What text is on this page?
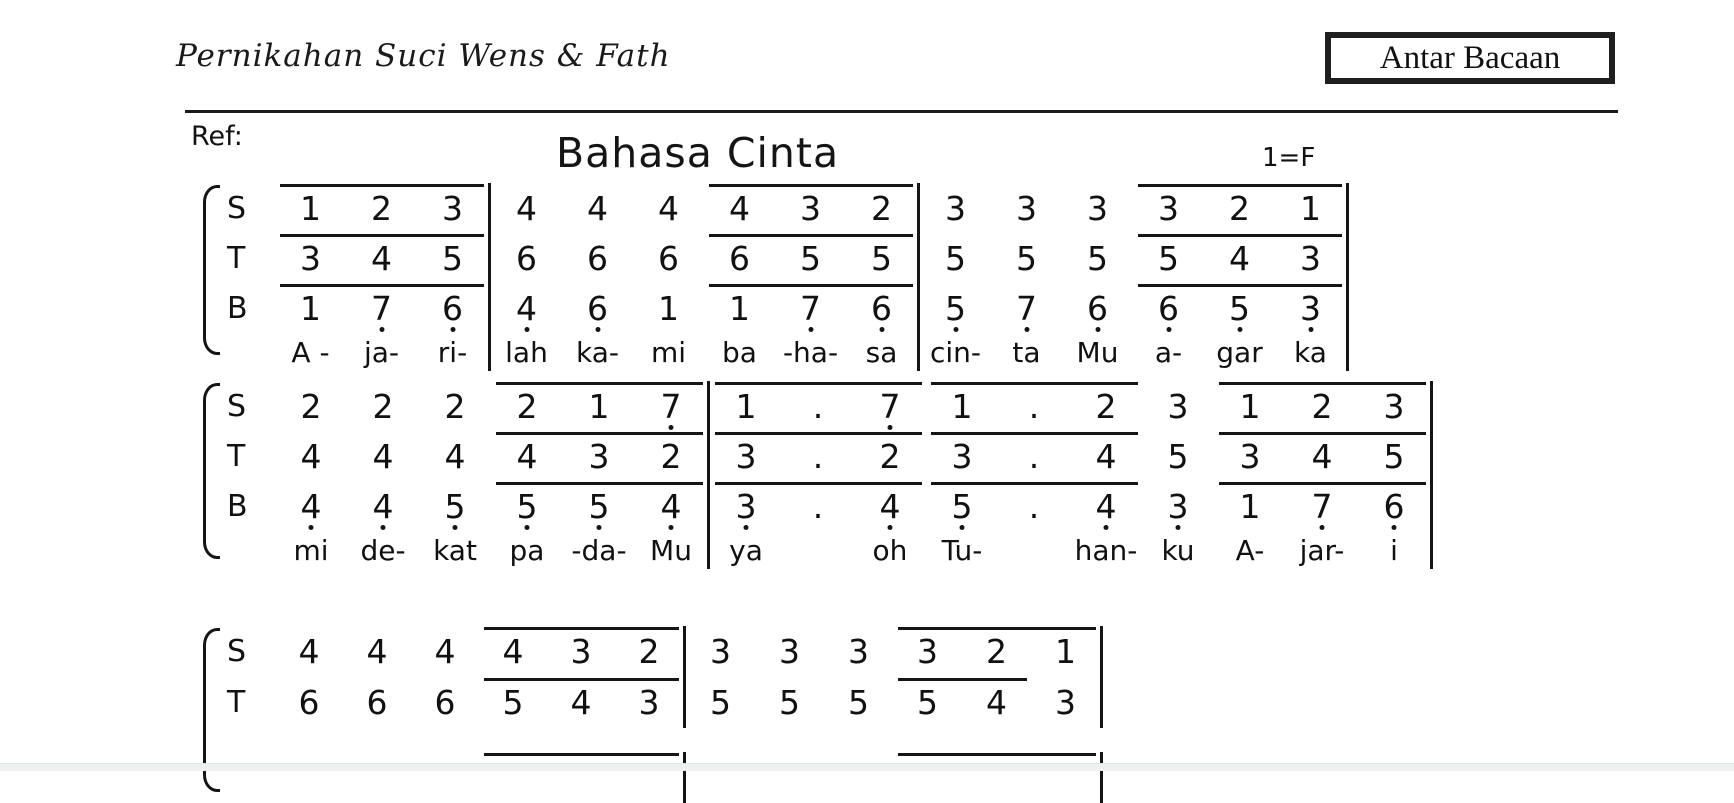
Pernikahan Suci Wens & Fath	Antar Bacaan
Ref:	Bahasa Cinta	1=F
S	1 2 3 4 4 4 4 3 2 3 3 3 3 2 1
T	3 4 5 6 6 6 6 5 5 5 5 5 5 4 3
B	1 7 6 4 6 1 1 7 6 5 7 6 6 5 3
A - ja- ri- lah ka- mi ba -ha- sa cin- ta Mu a- gar ka
S	2 2 2 2 1 7 1 . 7 1 . 2 3 1 2 3
T	4 4 4 4 3 2 3 . 2 3 . 4 5 3 4 5
B	4 4 5 5 5 4 3 . 4 5 . 4 3 1 7 6
mi de- kat pa -da- Mu ya	oh Tu-	han- ku A- jar- i
S	4 4 4 4 3 2 3 3 3 3 2 1
T	6 6 6 5 4 3 5 5 5 5 4 3
